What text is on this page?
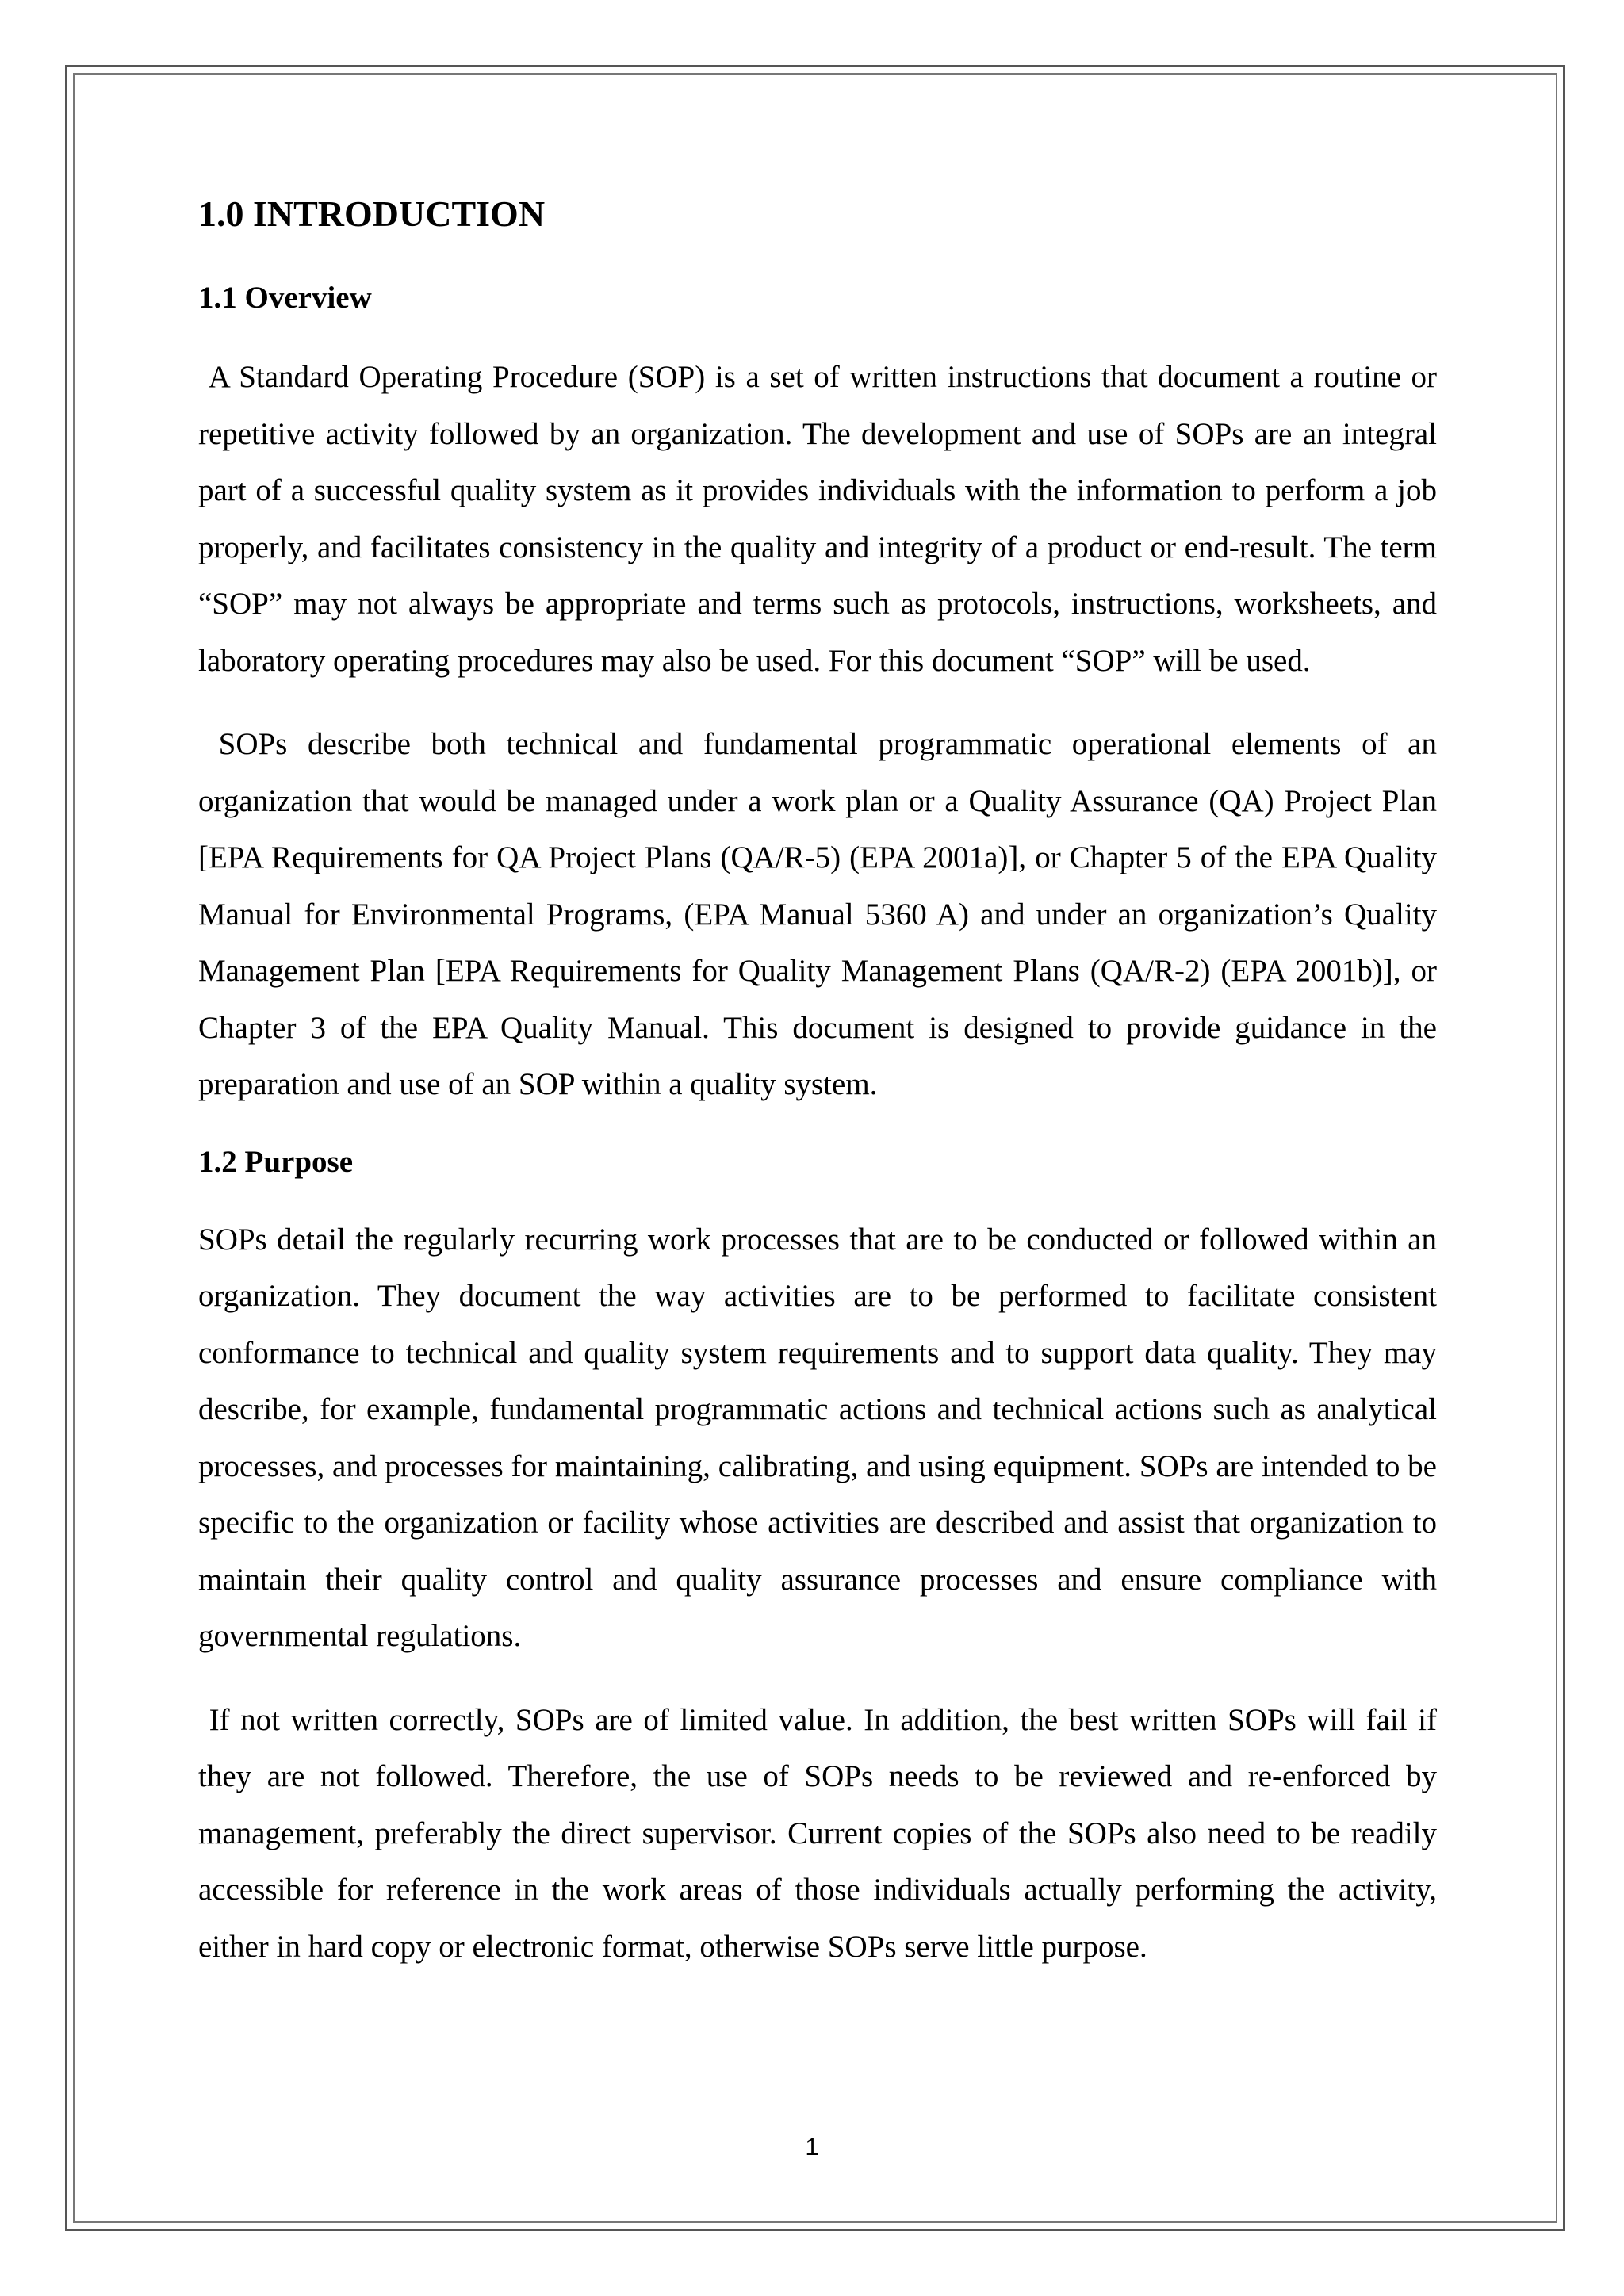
1.0 INTRODUCTION
1.1 Overview

A Standard Operating Procedure (SOP) is a set of written instructions that document a routine or repetitive activity followed by an organization. The development and use of SOPs are an integral part of a successful quality system as it provides individuals with the information to perform a job properly, and facilitates consistency in the quality and integrity of a product or end-result. The term “SOP” may not always be appropriate and terms such as protocols, instructions, worksheets, and laboratory operating procedures may also be used. For this document “SOP” will be used.

SOPs describe both technical and fundamental programmatic operational elements of an organization that would be managed under a work plan or a Quality Assurance (QA) Project Plan [EPA Requirements for QA Project Plans (QA/R-5) (EPA 2001a)], or Chapter 5 of the EPA Quality Manual for Environmental Programs, (EPA Manual 5360 A) and under an organization’s Quality Management Plan [EPA Requirements for Quality Management Plans (QA/R-2) (EPA 2001b)], or Chapter 3 of the EPA Quality Manual. This document is designed to provide guidance in the preparation and use of an SOP within a quality system.

1.2 Purpose

SOPs detail the regularly recurring work processes that are to be conducted or followed within an organization. They document the way activities are to be performed to facilitate consistent conformance to technical and quality system requirements and to support data quality. They may describe, for example, fundamental programmatic actions and technical actions such as analytical processes, and processes for maintaining, calibrating, and using equipment. SOPs are intended to be specific to the organization or facility whose activities are described and assist that organization to maintain their quality control and quality assurance processes and ensure compliance with governmental regulations.

If not written correctly, SOPs are of limited value. In addition, the best written SOPs will fail if they are not followed. Therefore, the use of SOPs needs to be reviewed and re-enforced by management, preferably the direct supervisor. Current copies of the SOPs also need to be readily accessible for reference in the work areas of those individuals actually performing the activity, either in hard copy or electronic format, otherwise SOPs serve little purpose.

1
